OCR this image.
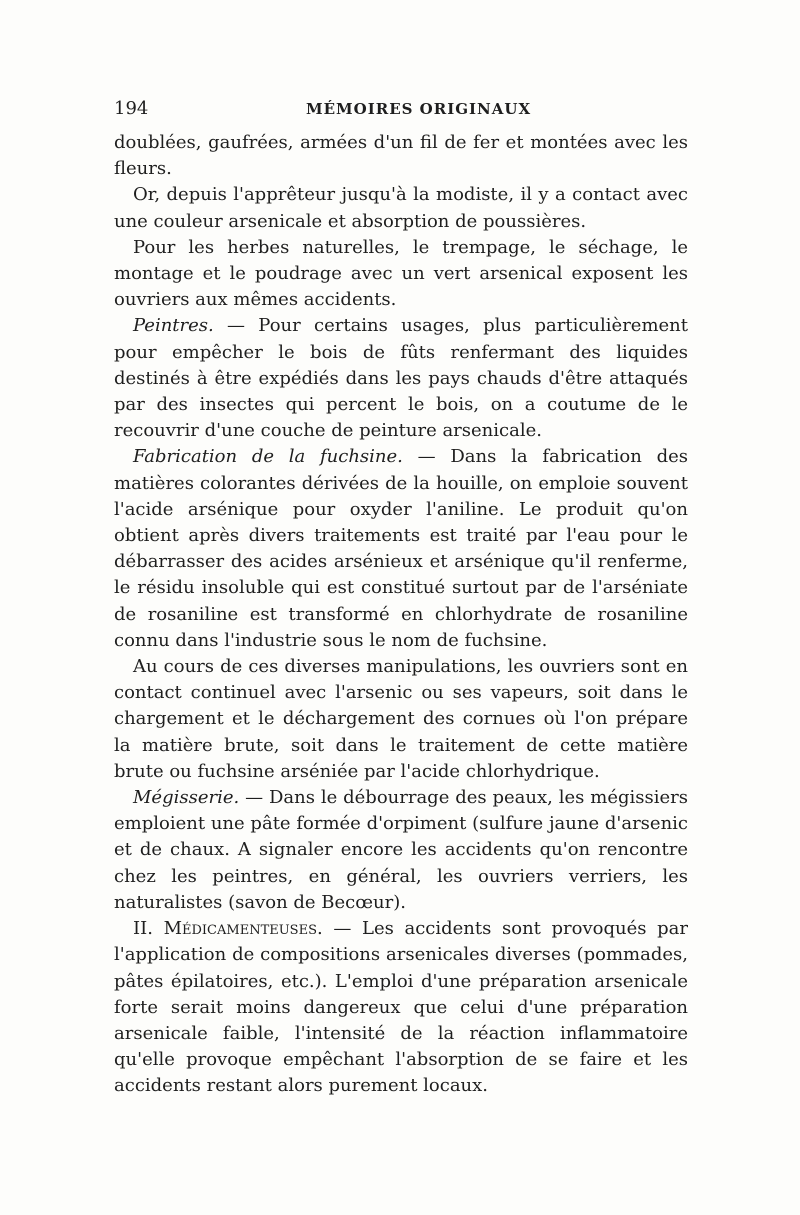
194	MÉMOIRES ORIGINAUX

doublées, gaufrées, armées d'un fil de fer et montées avec les fleurs.

Or, depuis l'apprêteur jusqu'à la modiste, il y a contact avec une couleur arsenicale et absorption de poussières.

Pour les herbes naturelles, le trempage, le séchage, le montage et le poudrage avec un vert arsenical exposent les ouvriers aux mêmes accidents.

Peintres. — Pour certains usages, plus particulièrement pour empêcher le bois de fûts renfermant des liquides destinés à être expédiés dans les pays chauds d'être attaqués par des insectes qui percent le bois, on a coutume de le recouvrir d'une couche de peinture arsenicale.

Fabrication de la fuchsine. — Dans la fabrication des matières colorantes dérivées de la houille, on emploie souvent l'acide arsénique pour oxyder l'aniline. Le produit qu'on obtient après divers traitements est traité par l'eau pour le débarrasser des acides arsénieux et arsénique qu'il renferme, le résidu insoluble qui est constitué surtout par de l'arséniate de rosaniline est transformé en chlorhydrate de rosaniline connu dans l'industrie sous le nom de fuchsine.

Au cours de ces diverses manipulations, les ouvriers sont en contact continuel avec l'arsenic ou ses vapeurs, soit dans le chargement et le déchargement des cornues où l'on prépare la matière brute, soit dans le traitement de cette matière brute ou fuchsine arséniée par l'acide chlorhydrique.

Mégisserie. — Dans le débourrage des peaux, les mégissiers emploient une pâte formée d'orpiment (sulfure jaune d'arsenic et de chaux. A signaler encore les accidents qu'on rencontre chez les peintres, en général, les ouvriers verriers, les naturalistes (savon de Becœur).

II. Médicamenteuses. — Les accidents sont provoqués par l'application de compositions arsenicales diverses (pommades, pâtes épilatoires, etc.). L'emploi d'une préparation arsenicale forte serait moins dangereux que celui d'une préparation arsenicale faible, l'intensité de la réaction inflammatoire qu'elle provoque empêchant l'absorption de se faire et les accidents restant alors purement locaux.
